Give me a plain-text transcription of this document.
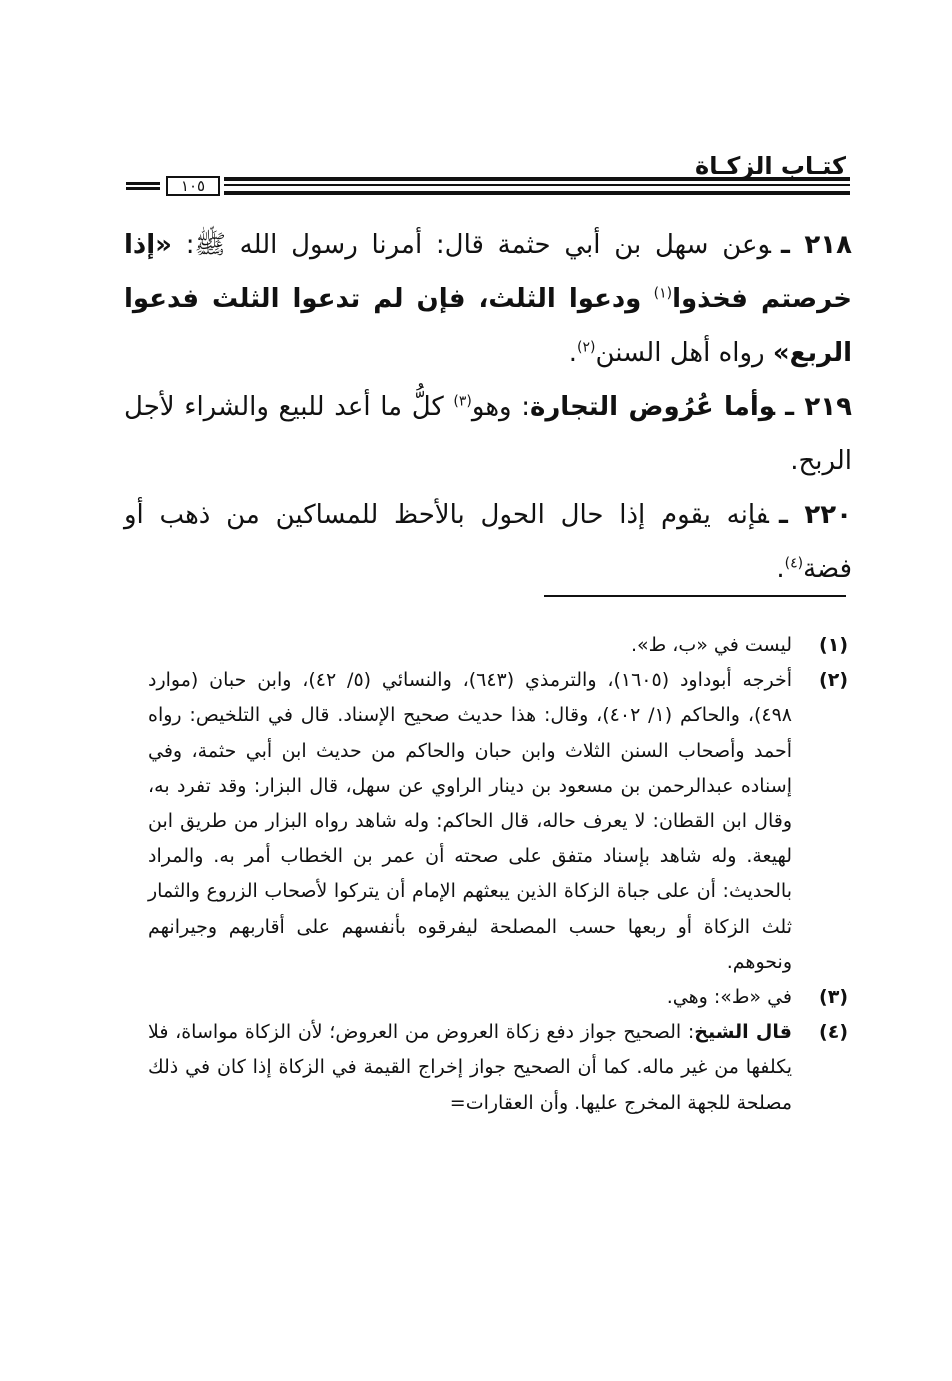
كتـاب الزكـاة
١٠٥
٢١٨ ـوعن سهل بن أبي حثمة قال: أمرنا رسول الله ﷺ: «إذا خرصتم فخذوا$^{(١)}$ ودعوا الثلث، فإن لم تدعوا الثلث فدعوا الربع» رواه أهل السنن$^{(٢)}$.
٢١٩ ـوأما عُرُوض التجارة: وهو$^{(٣)}$ كلُّ ما أعد للبيع والشراء لأجل الربح.
٢٢٠ ـفإنه يقوم إذا حال الحول بالأحظ للمساكين من ذهب أو فضة$^{(٤)}$.
(١)
ليست في «ب، ط».
(٢)
أخرجه أبوداود (١٦٠٥)، والترمذي (٦٤٣)، والنسائي (٥/ ٤٢)، وابن حبان (موارد ٤٩٨)، والحاكم (١/ ٤٠٢)، وقال: هذا حديث صحيح الإسناد. قال في التلخيص: رواه أحمد وأصحاب السنن الثلاث وابن حبان والحاكم من حديث ابن أبي حثمة، وفي إسناده عبدالرحمن بن مسعود بن دينار الراوي عن سهل، قال البزار: وقد تفرد به، وقال ابن القطان: لا يعرف حاله، قال الحاكم: وله شاهد رواه البزار من طريق ابن لهيعة. وله شاهد بإسناد متفق على صحته أن عمر بن الخطاب أمر به. والمراد بالحديث: أن على جباة الزكاة الذين يبعثهم الإمام أن يتركوا لأصحاب الزروع والثمار ثلث الزكاة أو ربعها حسب المصلحة ليفرقوه بأنفسهم على أقاربهم وجيرانهم ونحوهم.
(٣)
في «ط»: وهي.
(٤)
قال الشيخ: الصحيح جواز دفع زكاة العروض من العروض؛ لأن الزكاة مواساة، فلا يكلفها من غير ماله. كما أن الصحيح جواز إخراج القيمة في الزكاة إذا كان في ذلك مصلحة للجهة المخرج عليها. وأن العقارات=
